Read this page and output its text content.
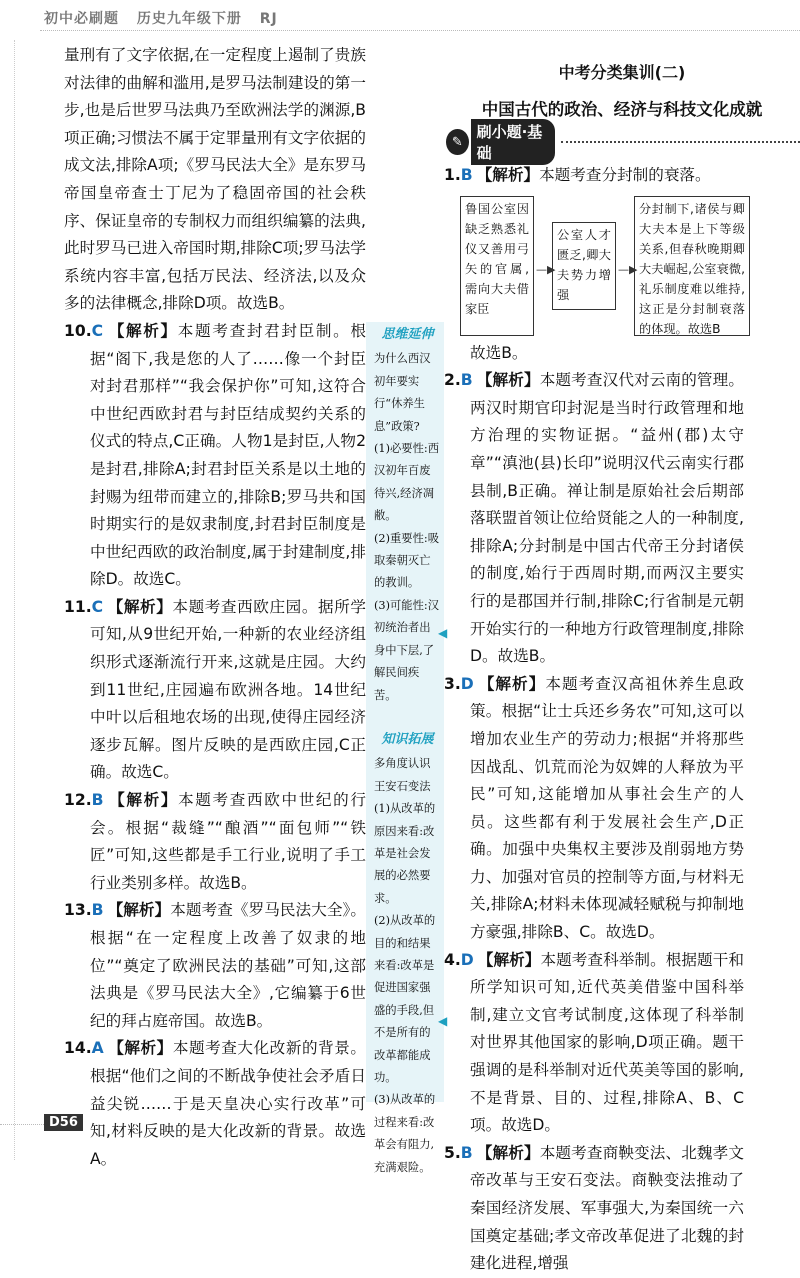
初中必刷题 历史九年级下册 RJ

量刑有了文字依据,在一定程度上遏制了贵族对法律的曲解和滥用,是罗马法制建设的第一步,也是后世罗马法典乃至欧洲法学的渊源,B项正确;习惯法不属于定罪量刑有文字依据的成文法,排除A项;《罗马民法大全》是东罗马帝国皇帝查士丁尼为了稳固帝国的社会秩序、保证皇帝的专制权力而组织编纂的法典,此时罗马已进入帝国时期,排除C项;罗马法学系统内容丰富,包括万民法、经济法,以及众多的法律概念,排除D项。故选B。

10.C 【解析】本题考查封君封臣制。根据“阁下,我是您的人了……像一个封臣对封君那样”“我会保护你”可知,这符合中世纪西欧封君与封臣结成契约关系的仪式的特点,C正确。人物1是封臣,人物2是封君,排除A;封君封臣关系是以土地的封赐为纽带而建立的,排除B;罗马共和国时期实行的是奴隶制度,封君封臣制度是中世纪西欧的政治制度,属于封建制度,排除D。故选C。

11.C 【解析】本题考查西欧庄园。据所学可知,从9世纪开始,一种新的农业经济组织形式逐渐流行开来,这就是庄园。大约到11世纪,庄园遍布欧洲各地。14世纪中叶以后租地农场的出现,使得庄园经济逐步瓦解。图片反映的是西欧庄园,C正确。故选C。

12.B 【解析】本题考查西欧中世纪的行会。根据“裁缝”“酿酒”“面包师”“铁匠”可知,这些都是手工行业,说明了手工行业类别多样。故选B。

13.B 【解析】本题考查《罗马民法大全》。根据“在一定程度上改善了奴隶的地位”“奠定了欧洲民法的基础”可知,这部法典是《罗马民法大全》,它编纂于6世纪的拜占庭帝国。故选B。

14.A 【解析】本题考查大化改新的背景。根据“他们之间的不断战争使社会矛盾日益尖锐……于是天皇决心实行改革”可知,材料反映的是大化改新的背景。故选A。

思维延伸

为什么西汉初年要实行“休养生息”政策?

(1)必要性:西汉初年百废待兴,经济凋敝。

(2)重要性:吸取秦朝灭亡的教训。

(3)可能性:汉初统治者出身中下层,了解民间疾苦。

知识拓展

多角度认识王安石变法

(1)从改革的原因来看:改革是社会发展的必然要求。

(2)从改革的目的和结果来看:改革是促进国家强盛的手段,但不是所有的改革都能成功。

(3)从改革的过程来看:改革会有阻力,充满艰险。

◀
◀
中考分类集训(二)
中国古代的政治、经济与科技文化成就
✎
刷小题·基础

1.B 【解析】本题考查分封制的衰落。

鲁国公室因缺乏熟悉礼仪又善用弓矢的官属,需向大夫借家臣
—▶
公室人才匮乏,卿大夫势力增强
—▶
分封制下,诸侯与卿大夫本是上下等级关系,但春秋晚期卿大夫崛起,公室衰微,礼乐制度难以维持,这正是分封制衰落的体现。故选B

故选B。

2.B 【解析】本题考查汉代对云南的管理。两汉时期官印封泥是当时行政管理和地方治理的实物证据。“益州(郡)太守章”“滇池(县)长印”说明汉代云南实行郡县制,B正确。禅让制是原始社会后期部落联盟首领让位给贤能之人的一种制度,排除A;分封制是中国古代帝王分封诸侯的制度,始行于西周时期,而两汉主要实行的是郡国并行制,排除C;行省制是元朝开始实行的一种地方行政管理制度,排除D。故选B。

3.D 【解析】本题考查汉高祖休养生息政策。根据“让士兵还乡务农”可知,这可以增加农业生产的劳动力;根据“并将那些因战乱、饥荒而沦为奴婢的人释放为平民”可知,这能增加从事社会生产的人员。这些都有利于发展社会生产,D正确。加强中央集权主要涉及削弱地方势力、加强对官员的控制等方面,与材料无关,排除A;材料未体现减轻赋税与抑制地方豪强,排除B、C。故选D。

4.D 【解析】本题考查科举制。根据题干和所学知识可知,近代英美借鉴中国科举制,建立文官考试制度,这体现了科举制对世界其他国家的影响,D项正确。题干强调的是科举制对近代英美等国的影响,不是背景、目的、过程,排除A、B、C项。故选D。

5.B 【解析】本题考查商鞅变法、北魏孝文帝改革与王安石变法。商鞅变法推动了秦国经济发展、军事强大,为秦国统一六国奠定基础;孝文帝改革促进了北魏的封建化进程,增强

D56
